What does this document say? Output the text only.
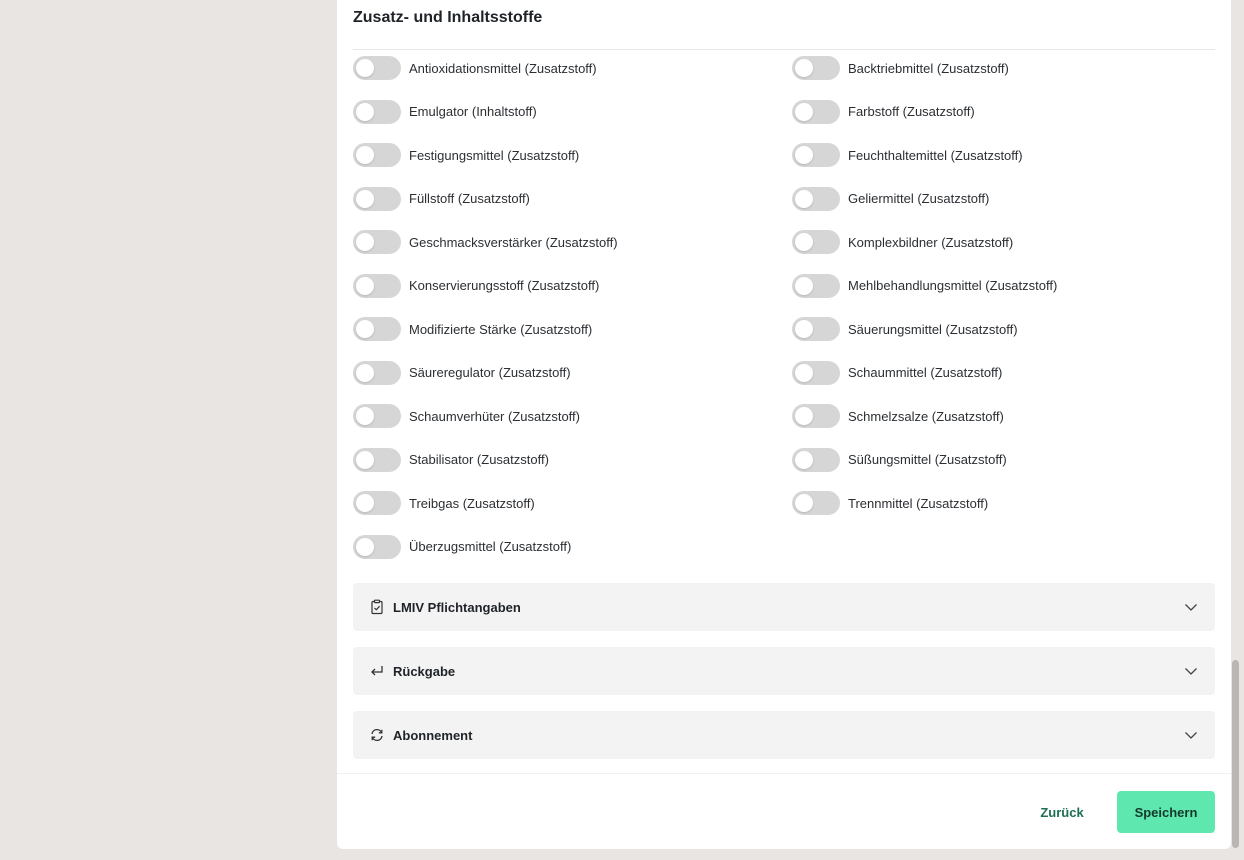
Zusatz- und Inhaltsstoffe
Antioxidationsmittel (Zusatzstoff)	Backtriebmittel (Zusatzstoff)
Emulgator (Inhaltstoff)	Farbstoff (Zusatzstoff)
Festigungsmittel (Zusatzstoff)	Feuchthaltemittel (Zusatzstoff)
Füllstoff (Zusatzstoff)	Geliermittel (Zusatzstoff)
Geschmacksverstärker (Zusatzstoff)	Komplexbildner (Zusatzstoff)
Konservierungsstoff (Zusatzstoff)	Mehlbehandlungsmittel (Zusatzstoff)
Modifizierte Stärke (Zusatzstoff)	Säuerungsmittel (Zusatzstoff)
Säureregulator (Zusatzstoff)	Schaummittel (Zusatzstoff)
Schaumverhüter (Zusatzstoff)	Schmelzsalze (Zusatzstoff)
Stabilisator (Zusatzstoff)	Süßungsmittel (Zusatzstoff)
Treibgas (Zusatzstoff)	Trennmittel (Zusatzstoff)
Überzugsmittel (Zusatzstoff)
LMIV Pflichtangaben
Rückgabe
Abonnement
Zurück	Speichern
